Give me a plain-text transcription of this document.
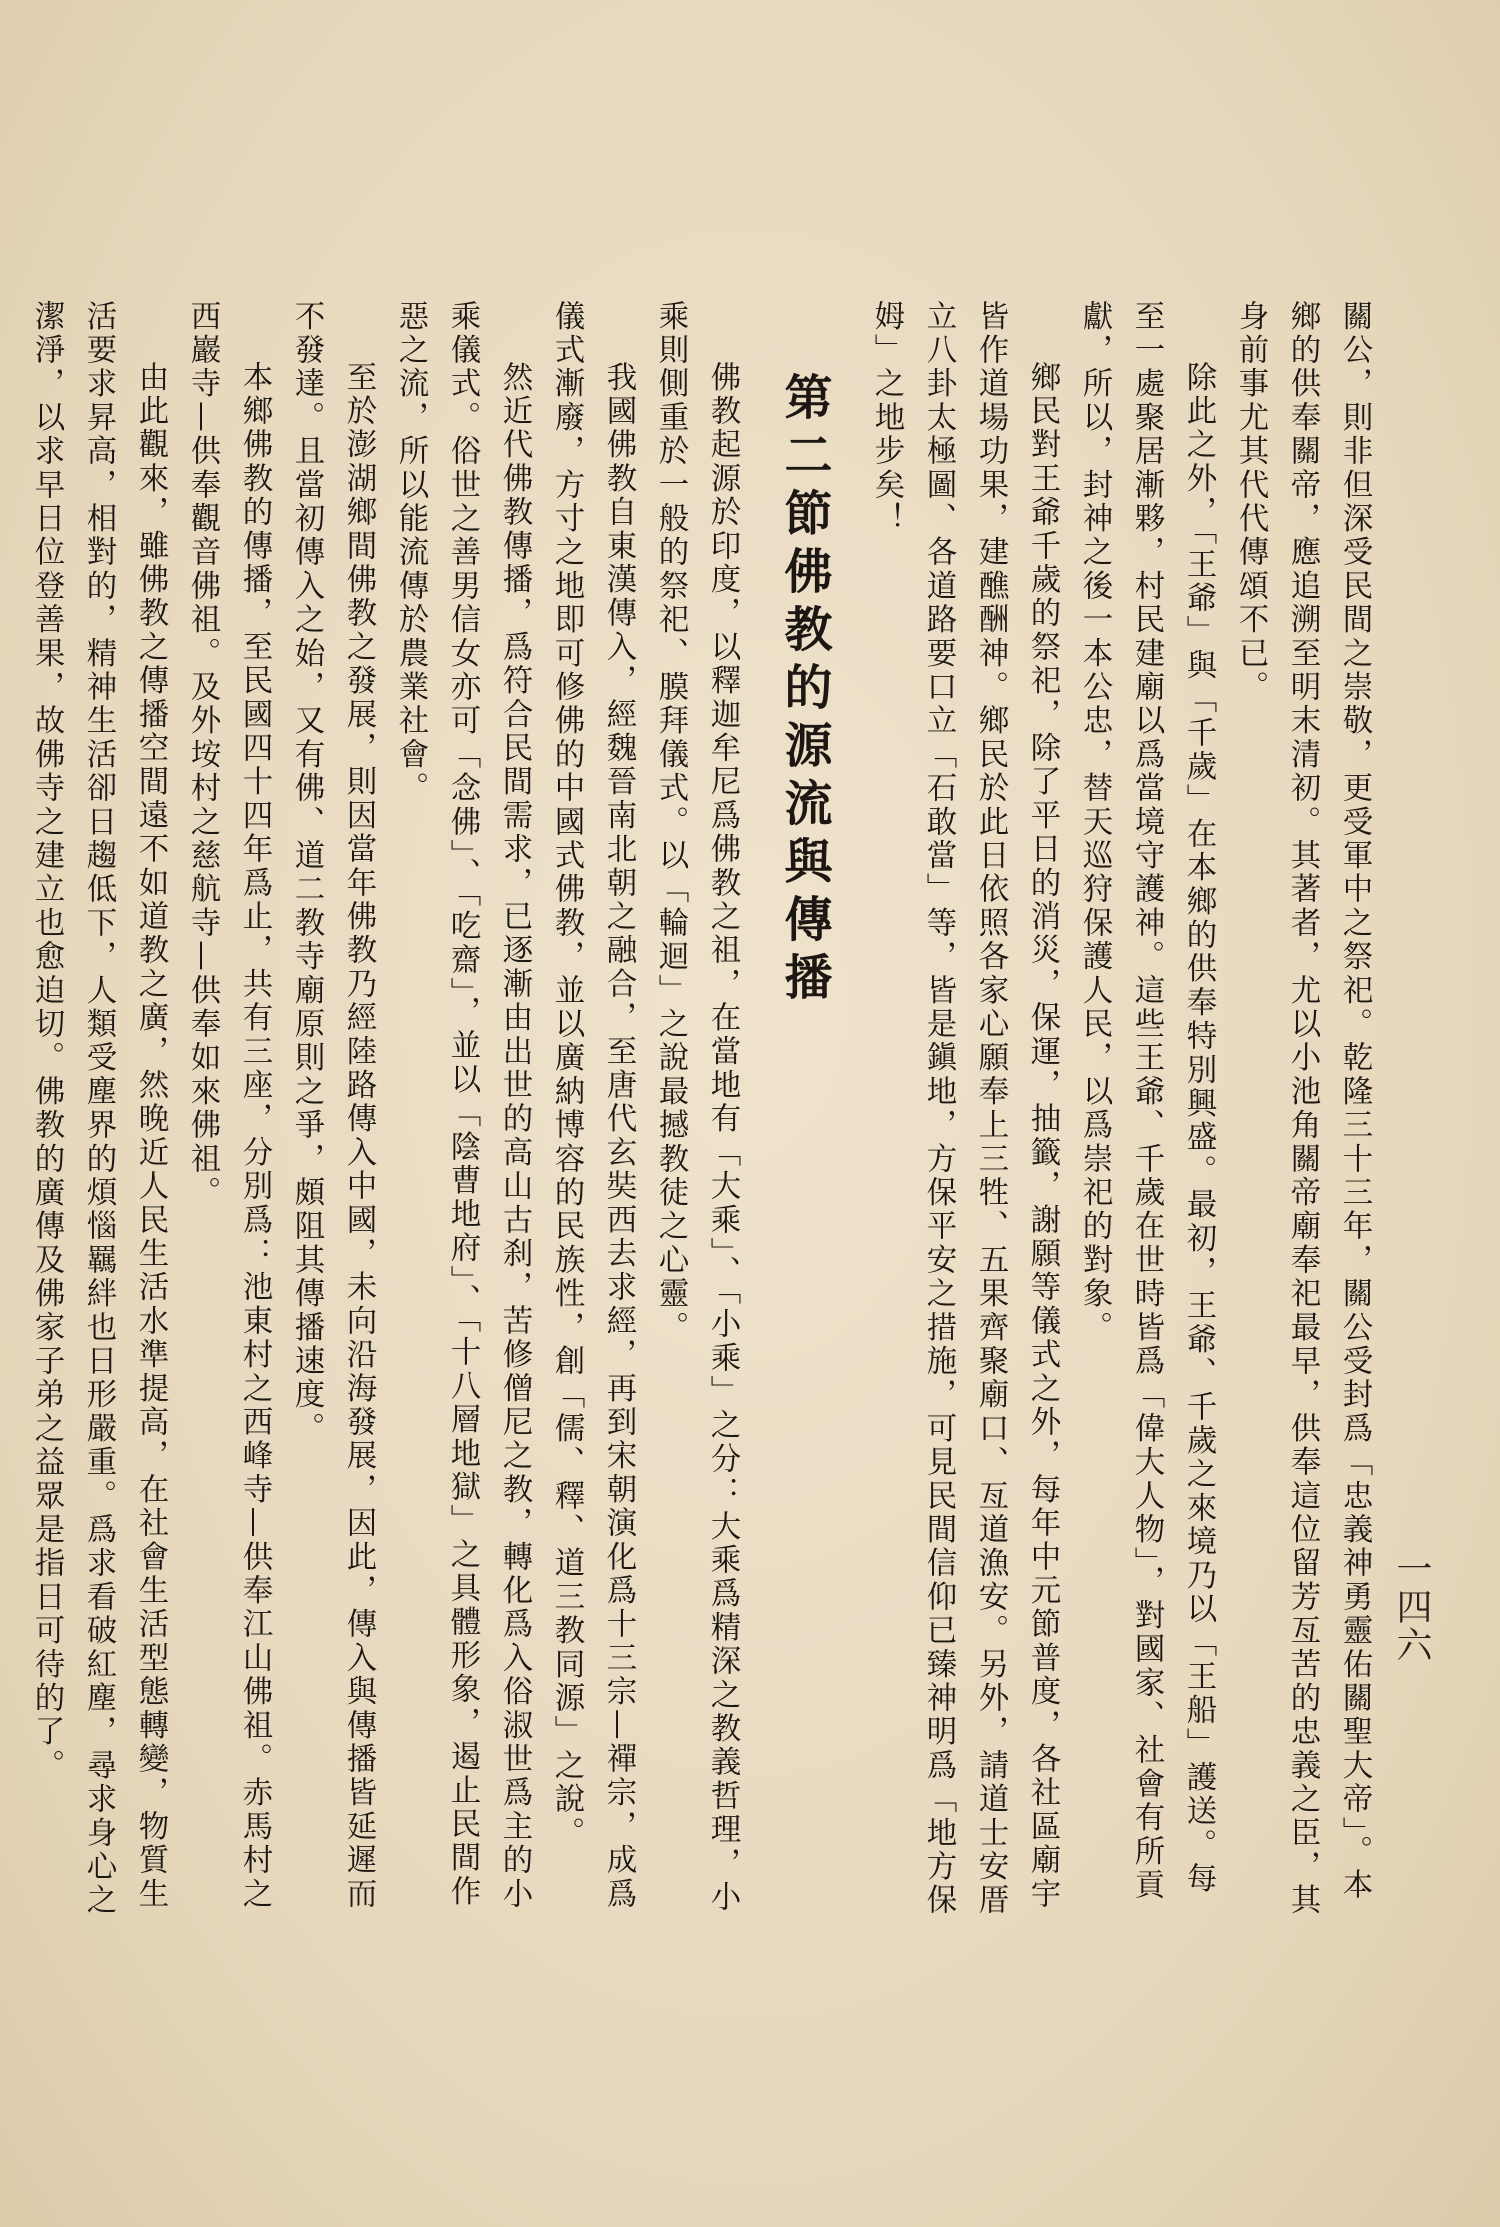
一四六

關公，則非但深受民間之崇敬，更受軍中之祭祀。乾隆三十三年，關公受封爲「忠義神勇靈佑關聖大帝」。本鄉的供奉關帝，應追溯至明末清初。其著者，尤以小池角關帝廟奉祀最早，供奉這位留芳亙苦的忠義之臣，其身前事尤其代代傳頌不已。

除此之外，「王爺」與「千歲」在本鄉的供奉特別興盛。最初，王爺、千歲之來境乃以「王船」護送。每至一處聚居漸夥，村民建廟以爲當境守護神。這些王爺、千歲在世時皆爲「偉大人物」，對國家、社會有所貢獻，所以，封神之後一本公忠，替天巡狩保護人民，以爲崇祀的對象。

鄉民對王爺千歲的祭祀，除了平日的消災，保運，抽籤，謝願等儀式之外，每年中元節普度，各社區廟宇皆作道場功果，建醮酬神。鄉民於此日依照各家心願奉上三牲、五果齊聚廟口、亙道漁安。另外，請道士安厝立八卦太極圖、各道路要口立「石敢當」等，皆是鎭地，方保平安之措施，可見民間信仰已臻神明爲「地方保姆」之地步矣！

第二節佛教的源流與傳播

佛教起源於印度，以釋迦牟尼爲佛教之祖，在當地有「大乘」、「小乘」之分：大乘爲精深之教義哲理，小乘則側重於一般的祭祀、膜拜儀式。以「輪迴」之說最撼教徒之心靈。

我國佛教自東漢傳入，經魏晉南北朝之融合，至唐代玄奘西去求經，再到宋朝演化爲十三宗—禪宗，成爲儀式漸廢，方寸之地即可修佛的中國式佛教，並以廣納博容的民族性，創「儒、釋、道三教同源」之說。

然近代佛教傳播，爲符合民間需求，已逐漸由出世的高山古刹，苦修僧尼之教，轉化爲入俗淑世爲主的小乘儀式。俗世之善男信女亦可「念佛」、「吃齋」，並以「陰曹地府」、「十八層地獄」之具體形象，遏止民間作惡之流，所以能流傳於農業社會。

至於澎湖鄉間佛教之發展，則因當年佛教乃經陸路傳入中國，未向沿海發展，因此，傳入與傳播皆延遲而不發達。且當初傳入之始，又有佛、道二教寺廟原則之爭，頗阻其傳播速度。

本鄉佛教的傳播，至民國四十四年爲止，共有三座，分別爲：池東村之西峰寺—供奉江山佛祖。赤馬村之西巖寺—供奉觀音佛祖。及外垵村之慈航寺—供奉如來佛祖。

由此觀來，雖佛教之傳播空間遠不如道教之廣，然晚近人民生活水準提高，在社會生活型態轉變，物質生活要求昇高，相對的，精神生活卻日趨低下，人類受塵界的煩惱羈絆也日形嚴重。爲求看破紅塵，尋求身心之潔淨，以求早日位登善果，故佛寺之建立也愈迫切。佛教的廣傳及佛家子弟之益眾是指日可待的了。
